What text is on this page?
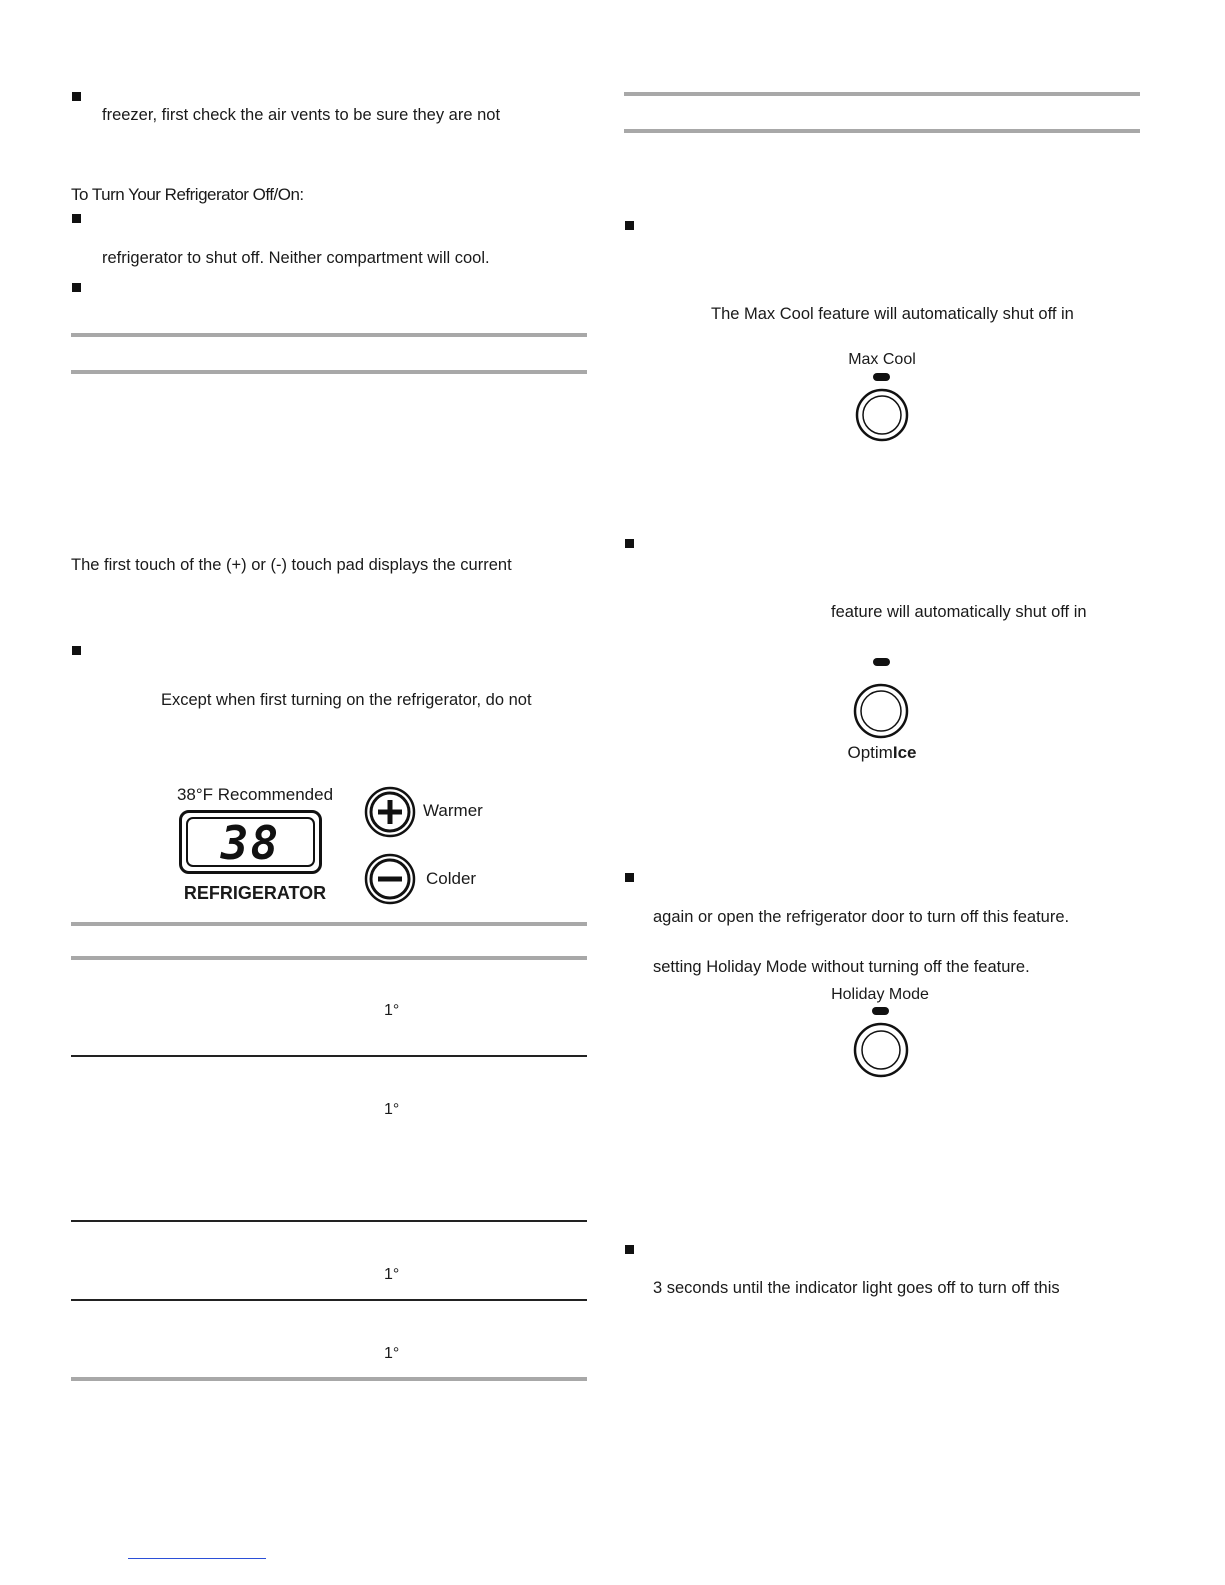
freezer, first check the air vents to be sure they are not
To Turn Your Refrigerator Off/On:
refrigerator to shut off. Neither compartment will cool.
The first touch of the (+) or (-) touch pad displays the current
Except when first turning on the refrigerator, do not
38°F Recommended
38
REFRIGERATOR
Warmer
Colder
1°
1°
1°
1°
The Max Cool feature will automatically shut off in
Max Cool
feature will automatically shut off in
OptimIce
again or open the refrigerator door to turn off this feature.
setting Holiday Mode without turning off the feature.
Holiday Mode
3 seconds until the indicator light goes off to turn off this
